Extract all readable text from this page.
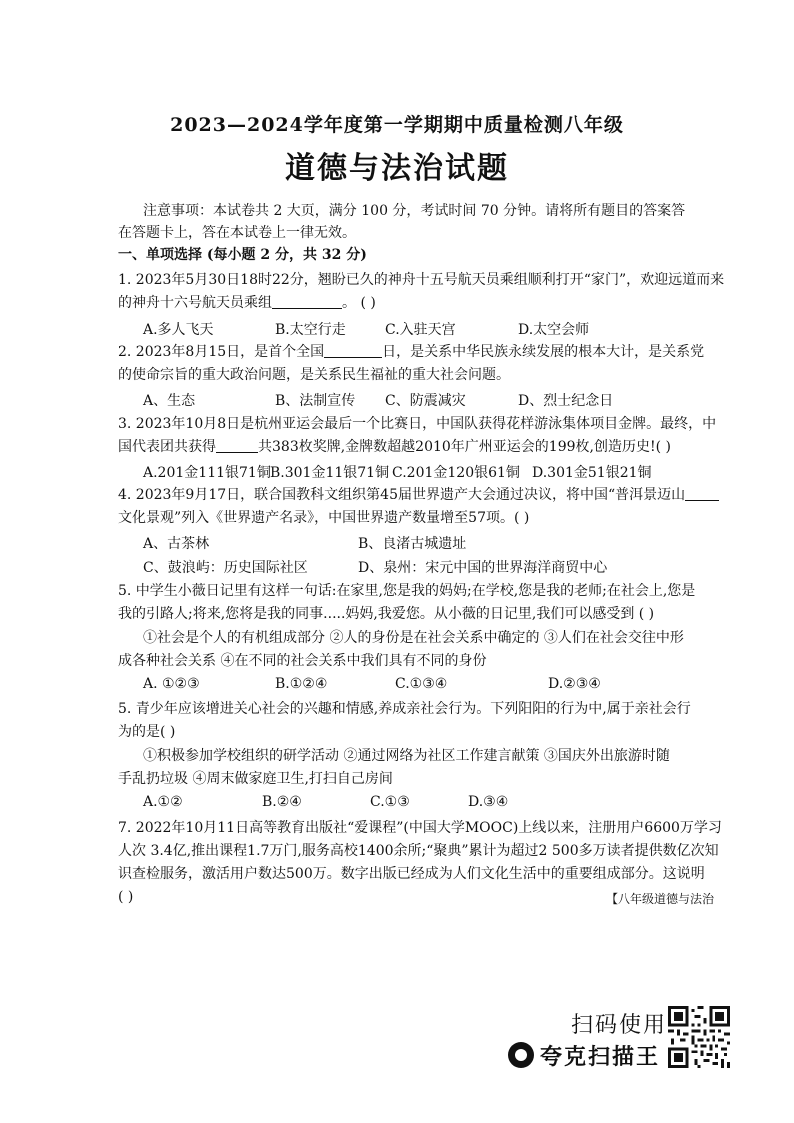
2023—2024学年度第一学期期中质量检测八年级
道德与法治试题
注意事项：本试卷共 2 大页，满分 100 分，考试时间 70 分钟。请将所有题目的答案答
在答题卡上，答在本试卷上一律无效。
一、单项选择 (每小题 2 分，共 32 分)
1. 2023年5月30日18时22分，翘盼已久的神舟十五号航天员乘组顺利打开“家门”，欢迎远道而来
的神舟十六号航天员乘组	。 ( )
A.多人飞天	B.太空行走	C.入驻天宫	D.太空会师
2. 2023年8月15日，是首个全国	日，是关系中华民族永续发展的根本大计，是关系党
的使命宗旨的重大政治问题，是关系民生福祉的重大社会问题。
A、生态	B、法制宣传 C、防震减灾	D、烈士纪念日
3. 2023年10月8日是杭州亚运会最后一个比赛日，中国队获得花样游泳集体项目金牌。最终，中
国代表团共获得	共383枚奖牌,金牌数超越2010年广州亚运会的199枚,创造历史!( )
A.201金111银71铜 B.301金11银71铜 C.201金120银61铜 D.301金51银21铜
4. 2023年9月17日，联合国教科文组织第45届世界遗产大会通过决议，将中国“普洱景迈山
文化景观”列入《世界遗产名录》，中国世界遗产数量增至57项。( )
A、古茶林	B、良渚古城遗址
C、鼓浪屿：历史国际社区	D、泉州：宋元中国的世界海洋商贸中心
5. 中学生小薇日记里有这样一句话:在家里,您是我的妈妈;在学校,您是我的老师;在社会上,您是
我的引路人;将来,您将是我的同事.....妈妈,我爱您。从小薇的日记里,我们可以感受到 ( )
①社会是个人的有机组成部分 ②人的身份是在社会关系中确定的 ③人们在社会交往中形
成各种社会关系 ④在不同的社会关系中我们具有不同的身份
A. ①②③	B.①②④	C.①③④	D.②③④
5. 青少年应该增进关心社会的兴趣和情感,养成亲社会行为。下列阳阳的行为中,属于亲社会行
为的是( )
①积极参加学校组织的研学活动 ②通过网络为社区工作建言献策 ③国庆外出旅游时随
手乱扔垃圾 ④周末做家庭卫生,打扫自己房间
A.①②	B.②④	C.①③	D.③④
7. 2022年10月11日高等教育出版社“爱课程”(中国大学MOOC)上线以来，注册用户6600万学习
人次 3.4亿,推出课程1.7万门,服务高校1400余所;“聚典”累计为超过2 500多万读者提供数亿次知
识查检服务，激活用户数达500万。数字出版已经成为人们文化生活中的重要组成部分。这说明
( )	【八年级道德与法治
扫码使用
夸克扫描王
